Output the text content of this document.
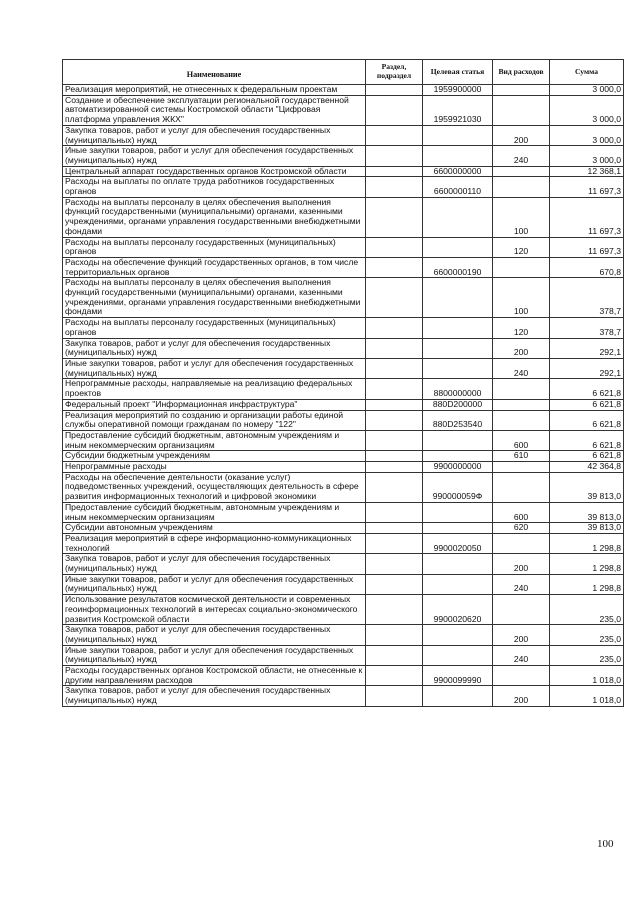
Наименование	Раздел, подраздел	Целевая статья	Вид расходов	Сумма
Реализация мероприятий, не отнесенных к федеральным проектам		1959900000		3 000,0
Создание и обеспечение эксплуатации региональной государственной автоматизированной системы Костромской области "Цифровая платформа управления ЖКХ"		1959921030		3 000,0
Закупка товаров, работ и услуг для обеспечения государственных (муниципальных) нужд			200	3 000,0
Иные закупки товаров, работ и услуг для обеспечения государственных (муниципальных) нужд			240	3 000,0
Центральный аппарат государственных органов Костромской области		6600000000		12 368,1
Расходы на выплаты по оплате труда работников государственных органов		6600000110		11 697,3
Расходы на выплаты персоналу в целях обеспечения выполнения функций государственными (муниципальными) органами, казенными учреждениями, органами управления государственными внебюджетными фондами			100	11 697,3
Расходы на выплаты персоналу государственных (муниципальных) органов			120	11 697,3
Расходы на обеспечение функций государственных органов, в том числе территориальных органов		6600000190		670,8
Расходы на выплаты персоналу в целях обеспечения выполнения функций государственными (муниципальными) органами, казенными учреждениями, органами управления государственными внебюджетными фондами			100	378,7
Расходы на выплаты персоналу государственных (муниципальных) органов			120	378,7
Закупка товаров, работ и услуг для обеспечения государственных (муниципальных) нужд			200	292,1
Иные закупки товаров, работ и услуг для обеспечения государственных (муниципальных) нужд			240	292,1
Непрограммные расходы, направляемые на реализацию федеральных проектов		8800000000		6 621,8
Федеральный проект "Информационная инфраструктура"		880D200000		6 621,8
Реализация мероприятий по созданию и организации работы единой службы оперативной помощи гражданам по номеру "122"		880D253540		6 621,8
Предоставление субсидий бюджетным, автономным учреждениям и иным некоммерческим организациям			600	6 621,8
Субсидии бюджетным учреждениям			610	6 621,8
Непрограммные расходы		9900000000		42 364,8
Расходы на обеспечение деятельности (оказание услуг) подведомственных учреждений, осуществляющих деятельность в сфере развития информационных технологий и цифровой экономики		990000059Ф		39 813,0
Предоставление субсидий бюджетным, автономным учреждениям и иным некоммерческим организациям			600	39 813,0
Субсидии автономным учреждениям			620	39 813,0
Реализация мероприятий в сфере информационно-коммуникационных технологий		9900020050		1 298,8
Закупка товаров, работ и услуг для обеспечения государственных (муниципальных) нужд			200	1 298,8
Иные закупки товаров, работ и услуг для обеспечения государственных (муниципальных) нужд			240	1 298,8
Использование результатов космической деятельности и современных геоинформационных технологий в интересах социально-экономического развития Костромской области		9900020620		235,0
Закупка товаров, работ и услуг для обеспечения государственных (муниципальных) нужд			200	235,0
Иные закупки товаров, работ и услуг для обеспечения государственных (муниципальных) нужд			240	235,0
Расходы государственных органов Костромской области, не отнесенные к другим направлениям расходов		9900099990		1 018,0
Закупка товаров, работ и услуг для обеспечения государственных (муниципальных) нужд			200	1 018,0
100
